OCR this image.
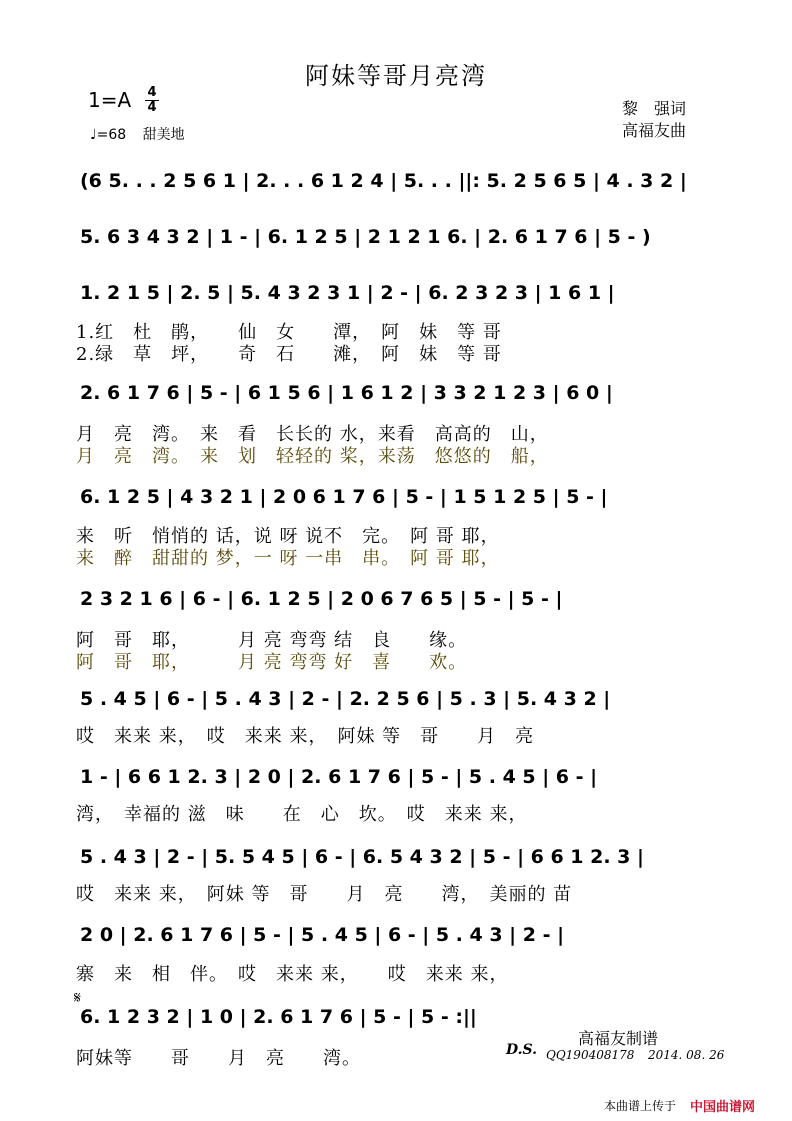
阿妹等哥月亮湾
1=A 4
4
♩=68 甜美地
黎　强词
高福友曲
(6 5. . . 2 5 6 1 | 2. . . 6 1 2 4 | 5. . . ||: 5. 2 5 6 5 | 4 . 3 2 |
5. 6 3 4 3 2 | 1 - | 6. 1 2 5 | 2 1 2 1 6. | 2. 6 1 7 6 | 5 - )
1. 2 1 5 | 2. 5 | 5. 4 3 2 3 1 | 2 - | 6. 2 3 2 3 | 1 6 1 |
1.红　杜　鹃，　　仙　女　　潭，　阿　妹　等 哥
2.绿　草　坪，　　奇　石　　滩，　阿　妹　等 哥
2. 6 1 7 6 | 5 - | 6 1 5 6 | 1 6 1 2 | 3 3 2 1 2 3 | 6 0 |
月　亮　湾。　来　看　长长的 水，来看　高高的　山，
月　亮　湾。　来　划　轻轻的 桨，来荡　悠悠的　船，
6. 1 2 5 | 4 3 2 1 | 2 0 6 1 7 6 | 5 - | 1 5 1 2 5 | 5 - |
来　听　悄悄的 话，说 呀 说不　完。　阿 哥 耶，
来　醉　甜甜的 梦，一 呀 一串　串。　阿 哥 耶，
2 3 2 1 6 | 6 - | 6. 1 2 5 | 2 0 6 7 6 5 | 5 - | 5 - |
阿　哥　耶，　　　月 亮 弯弯 结　良　　缘。
阿　哥　耶，　　　月 亮 弯弯 好　喜　　欢。
5 . 4 5 | 6 - | 5 . 4 3 | 2 - | 2. 2 5 6 | 5 . 3 | 5. 4 3 2 |
哎　来来 来，　哎　来来 来，　阿妹 等　哥　　月　亮
1 - | 6 6 1 2. 3 | 2 0 | 2. 6 1 7 6 | 5 - | 5 . 4 5 | 6 - |
湾，　幸福的 滋　味　　在　心　坎。　哎　来来 来，
5 . 4 3 | 2 - | 5. 5 4 5 | 6 - | 6. 5 4 3 2 | 5 - | 6 6 1 2. 3 |
哎　来来 来，　阿妹 等　哥　　月　亮　　湾，　美丽的 苗
2 0 | 2. 6 1 7 6 | 5 - | 5 . 4 5 | 6 - | 5 . 4 3 | 2 - |
寨　来　相　伴。　哎　来来 来，　　哎　来来 来，
𝄋
6. 1 2 3 2 | 1 0 | 2. 6 1 7 6 | 5 - | 5 - :||
阿妹等　　哥　　月　亮　　湾。	D.S.
高福友制谱
QQ190408178 2014. 08. 26
本曲谱上传于 中国曲谱网
